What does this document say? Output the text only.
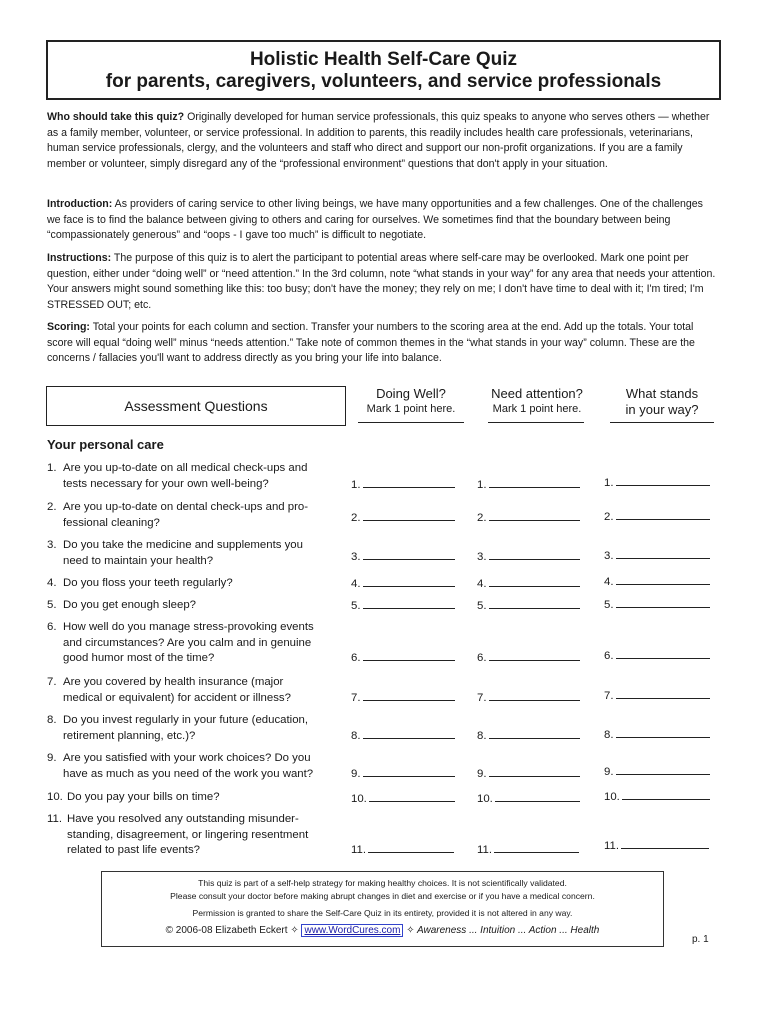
Holistic Health Self-Care Quiz
for parents, caregivers, volunteers, and service professionals
Who should take this quiz? Originally developed for human service professionals, this quiz speaks to anyone who serves others — whether as a family member, volunteer, or service professional. In addition to parents, this readily includes health care professionals, veterinarians, human service professionals, clergy, and the volunteers and staff who direct and support our non-profit organizations. If you are a family member or volunteer, simply disregard any of the “professional environment” questions that don't apply in your situation.
Introduction: As providers of caring service to other living beings, we have many opportunities and a few challenges. One of the challenges we face is to find the balance between giving to others and caring for ourselves. We sometimes find that the boundary between being “compassionately generous” and “oops - I gave too much” is difficult to negotiate.
Instructions: The purpose of this quiz is to alert the participant to potential areas where self-care may be overlooked. Mark one point per question, either under “doing well” or “need attention.” In the 3rd column, note “what stands in your way” for any area that needs your attention. Your answers might sound something like this: too busy; don't have the money; they rely on me; I don't have time to deal with it; I'm tired; I'm STRESSED OUT; etc.
Scoring: Total your points for each column and section. Transfer your numbers to the scoring area at the end. Add up the totals. Your total score will equal “doing well” minus “needs attention.” Take note of common themes in the “what stands in your way” column. These are the concerns / fallacies you'll want to address directly as you bring your life into balance.
Assessment Questions
Doing Well?
Mark 1 point here.
Need attention?
Mark 1 point here.
What stands
in your way?
Your personal care
1. Are you up-to-date on all medical check-ups and
tests necessary for your own well-being?	1.	1.	1.
2. Are you up-to-date on dental check-ups and pro-
fessional cleaning?	2.	2.	2.
3. Do you take the medicine and supplements you
need to maintain your health?	3.	3.	3.
4. Do you floss your teeth regularly?	4.	4.	4.
5. Do you get enough sleep?	5.	5.	5.
6. How well do you manage stress-provoking events
and circumstances? Are you calm and in genuine
good humor most of the time?	6.	6.	6.
7. Are you covered by health insurance (major
medical or equivalent) for accident or illness?	7.	7.	7.
8. Do you invest regularly in your future (education,
retirement planning, etc.)?	8.	8.	8.
9. Are you satisfied with your work choices? Do you
have as much as you need of the work you want?	9.	9.	9.
10. Do you pay your bills on time?	10.	10.	10.
11. Have you resolved any outstanding misunder-
standing, disagreement, or lingering resentment
related to past life events?	11.	11.	11.
This quiz is part of a self-help strategy for making healthy choices. It is not scientifically validated.
Please consult your doctor before making abrupt changes in diet and exercise or if you have a medical concern.
Permission is granted to share the Self-Care Quiz in its entirety, provided it is not altered in any way.
© 2006-08 Elizabeth Eckert ✧ www.WordCures.com ✧ Awareness ... Intuition ... Action ... Health
p. 1
